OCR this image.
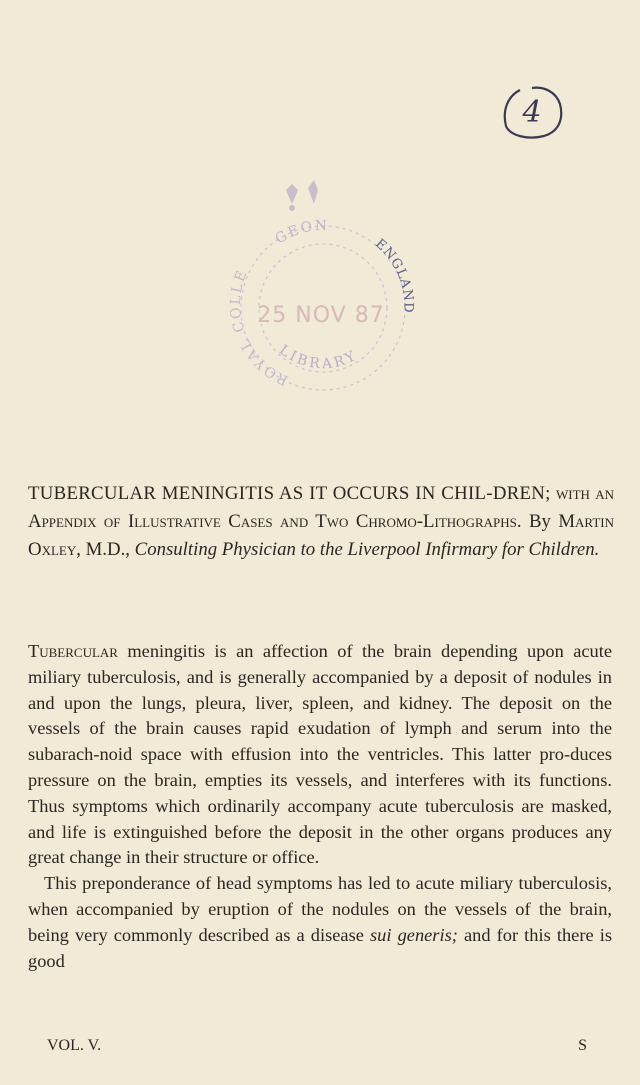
4
GEON
ROYAL COLLE
ENGLAND
LIBRARY
25 NOV 87
TUBERCULAR MENINGITIS AS IT OCCURS IN CHIL-DREN; with an Appendix of Illustrative Cases and Two Chromo-Lithographs. By Martin Oxley, M.D., Consulting Physician to the Liverpool Infirmary for Children.

Tubercular meningitis is an affection of the brain depending upon acute miliary tuberculosis, and is generally accompanied by a deposit of nodules in and upon the lungs, pleura, liver, spleen, and kidney. The deposit on the vessels of the brain causes rapid exudation of lymph and serum into the subarach-noid space with effusion into the ventricles. This latter pro-duces pressure on the brain, empties its vessels, and interferes with its functions. Thus symptoms which ordinarily accompany acute tuberculosis are masked, and life is extinguished before the deposit in the other organs produces any great change in their structure or office.

This preponderance of head symptoms has led to acute miliary tuberculosis, when accompanied by eruption of the nodules on the vessels of the brain, being very commonly described as a disease sui generis; and for this there is good

VOL. V.	S
